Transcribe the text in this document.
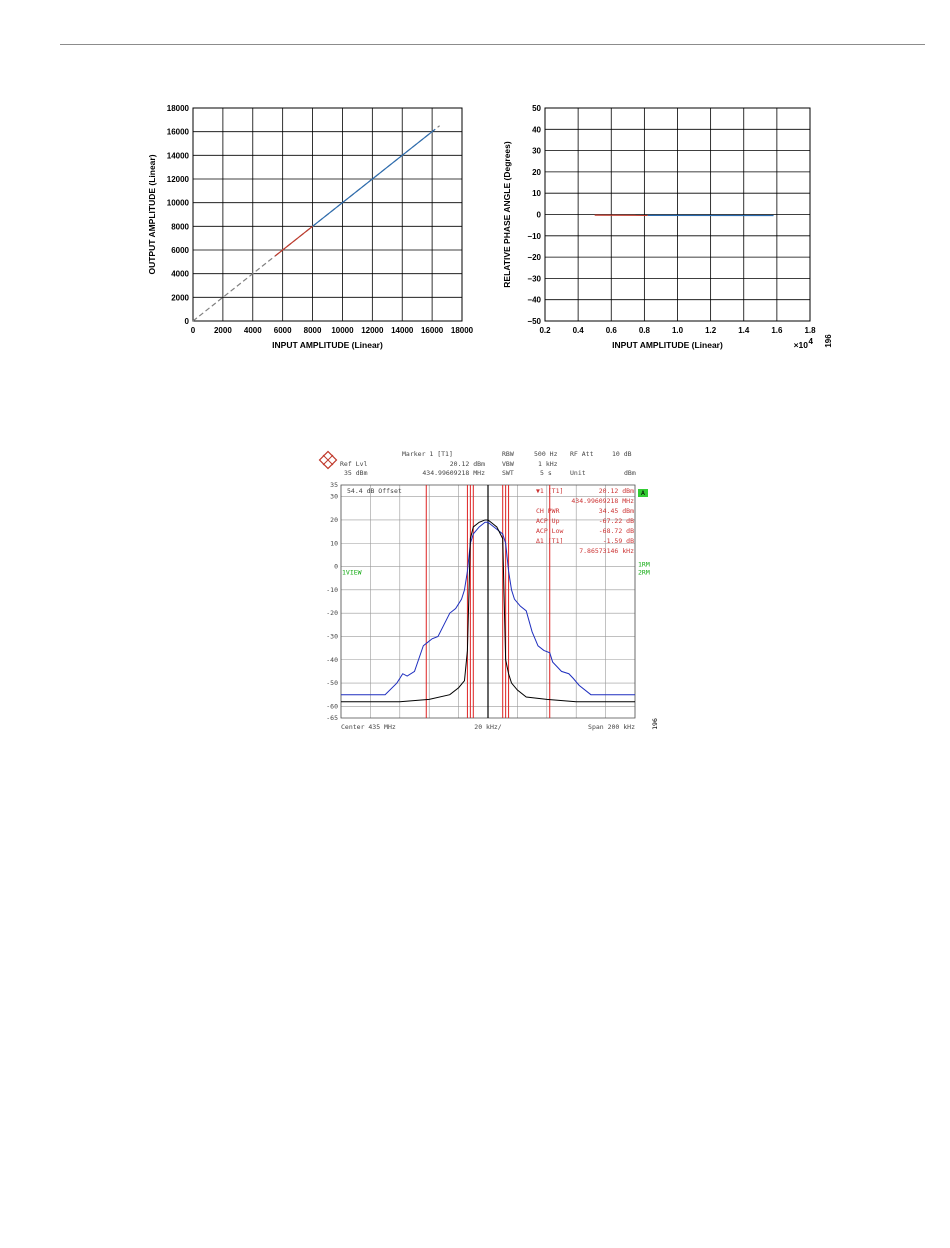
0 2000 4000 6000 8000 10000 12000 14000 16000 18000
0
2000
4000
6000
8000
10000
12000
14000
16000
18000
INPUT AMPLITUDE (Linear)
OUTPUT AMPLITUDE (Linear)
0.2	0.4	0.6	0.8	1.0	1.2	1.4	1.6	1.8
−50
−40
−30
−20
−10
0
10
20
30
40
50
INPUT AMPLITUDE (Linear)	×10 4
RELATIVE PHASE ANGLE (Degrees)
196
Marker 1 [T1]
Ref Lvl
35 dBm
20.12 dBm
434.99609218 MHz
RBW	500 Hz
VBW	1 kHz
SWT	5 s
RF Att	10 dB
Unit	dBm
30
20
10
0
-10
-20
-30
-40
-50
-60
35
-65
54.4 dB Offset
1VIEW
1RM
2RM
A
▼1 [T1]	20.12 dBm
434.99609218 MHz
CH PWR	34.45 dBm
ACP Up	-67.22 dB
ACP Low	-68.72 dB
Δ1 [T1]	-1.59 dB
7.86573146 kHz
Center 435 MHz	20 kHz/	Span 200 kHz 196
